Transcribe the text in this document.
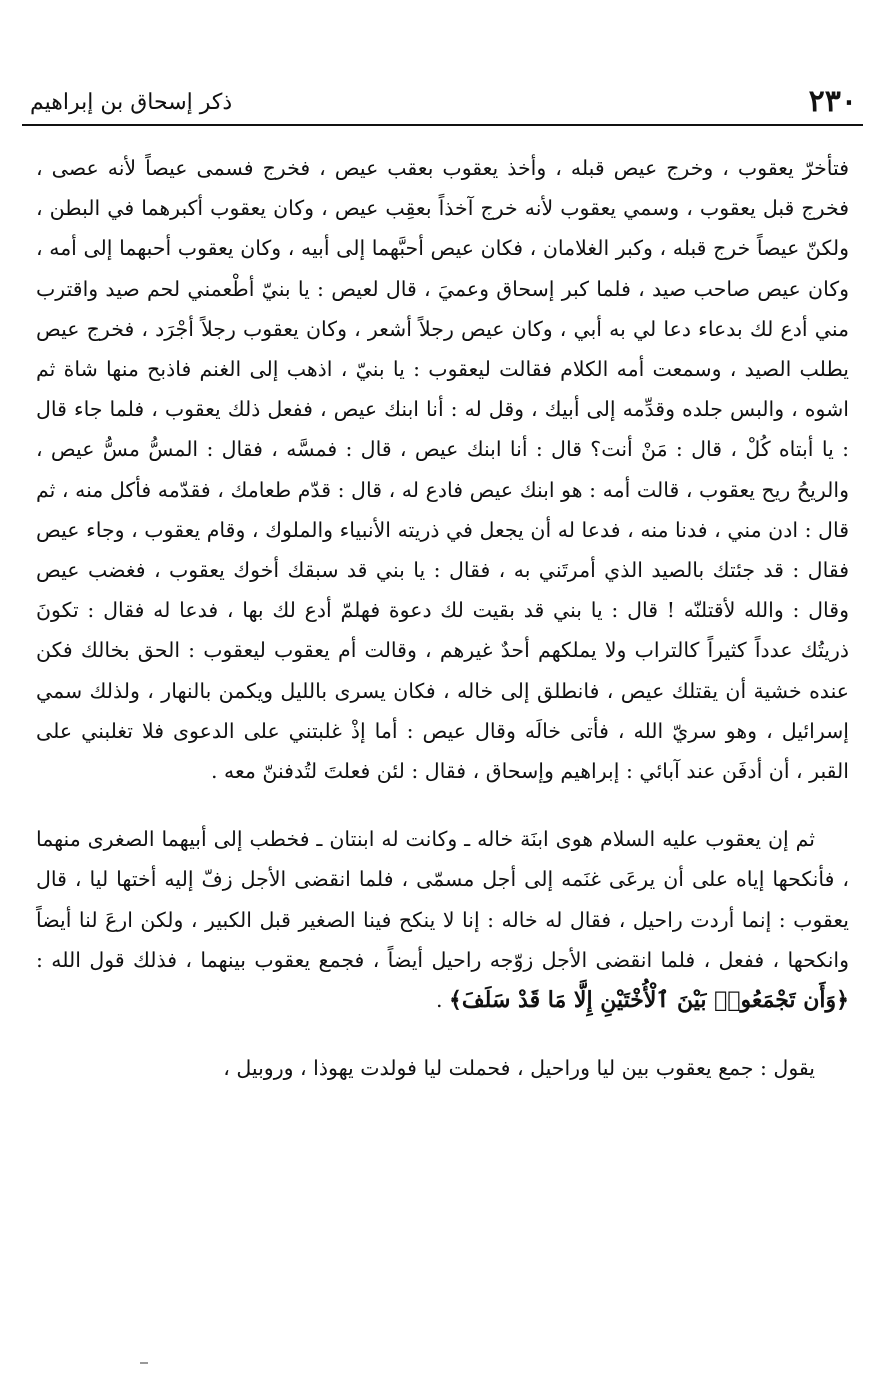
٢٣٠
ذكر إسحاق بن إبراهيم

فتأخرّ يعقوب ، وخرج عيص قبله ، وأخذ يعقوب بعقب عيص ، فخرج فسمى عيصاً لأنه عصى ، فخرج قبل يعقوب ، وسمي يعقوب لأنه خرج آخذاً بعقِب عيص ، وكان يعقوب أكبرهما في البطن ، ولكنّ عيصاً خرج قبله ، وكبر الغلامان ، فكان عيص أحبَّهما إلى أبيه ، وكان يعقوب أحبهما إلى أمه ، وكان عيص صاحب صيد ، فلما كبر إسحاق وعميَ ، قال لعيص : يا بنيّ أطْعمني لحم صيد واقترب مني أدع لك بدعاء دعا لي به أبي ، وكان عيص رجلاً أشعر ، وكان يعقوب رجلاً أجْرَد ، فخرج عيص يطلب الصيد ، وسمعت أمه الكلام فقالت ليعقوب : يا بنيّ ، اذهب إلى الغنم فاذبح منها شاة ثم اشوه ، والبس جلده وقدِّمه إلى أبيك ، وقل له : أنا ابنك عيص ، ففعل ذلك يعقوب ، فلما جاء قال : يا أبتاه كُلْ ، قال : مَنْ أنت؟ قال : أنا ابنك عيص ، قال : فمسَّه ، فقال : المسُّ مسُّ عيص ، والريحُ ريح يعقوب ، قالت أمه : هو ابنك عيص فادع له ، قال : قدّم طعامك ، فقدّمه فأكل منه ، ثم قال : ادن مني ، فدنا منه ، فدعا له أن يجعل في ذريته الأنبياء والملوك ، وقام يعقوب ، وجاء عيص فقال : قد جئتك بالصيد الذي أمرتَني به ، فقال : يا بني قد سبقك أخوك يعقوب ، فغضب عيص وقال : والله لأقتلنّه ! قال : يا بني قد بقيت لك دعوة فهلمّ أدع لك بها ، فدعا له فقال : تكونَ ذريتُك عدداً كثيراً كالتراب ولا يملكهم أحدٌ غيرهم ، وقالت أم يعقوب ليعقوب : الحق بخالك فكن عنده خشية أن يقتلك عيص ، فانطلق إلى خاله ، فكان يسرى بالليل ويكمن بالنهار ، ولذلك سمي إسرائيل ، وهو سريّ الله ، فأتى خالَه وقال عيص : أما إذْ غلبتني على الدعوى فلا تغلبني على القبر ، أن أدفَن عند آبائي : إبراهيم وإسحاق ، فقال : لئن فعلتَ لتُدفننّ معه .

ثم إن يعقوب عليه السلام هوى ابنَة خاله ـ وكانت له ابنتان ـ فخطب إلى أبيهما الصغرى منهما ، فأنكحها إياه على أن يرعَى غنَمه إلى أجل مسمّى ، فلما انقضى الأجل زفّ إليه أختها ليا ، قال يعقوب : إنما أردت راحيل ، فقال له خاله : إنا لا ينكح فينا الصغير قبل الكبير ، ولكن ارعَ لنا أيضاً وانكحها ، ففعل ، فلما انقضى الأجل زوّجه راحيل أيضاً ، فجمع يعقوب بينهما ، فذلك قول الله : ﴿وَأَن تَجْمَعُوا۟ بَيْنَ ٱلْأُخْتَيْنِ إِلَّا مَا قَدْ سَلَفَ﴾ .

يقول : جمع يعقوب بين ليا وراحيل ، فحملت ليا فولدت يهوذا ، وروبيل ،
